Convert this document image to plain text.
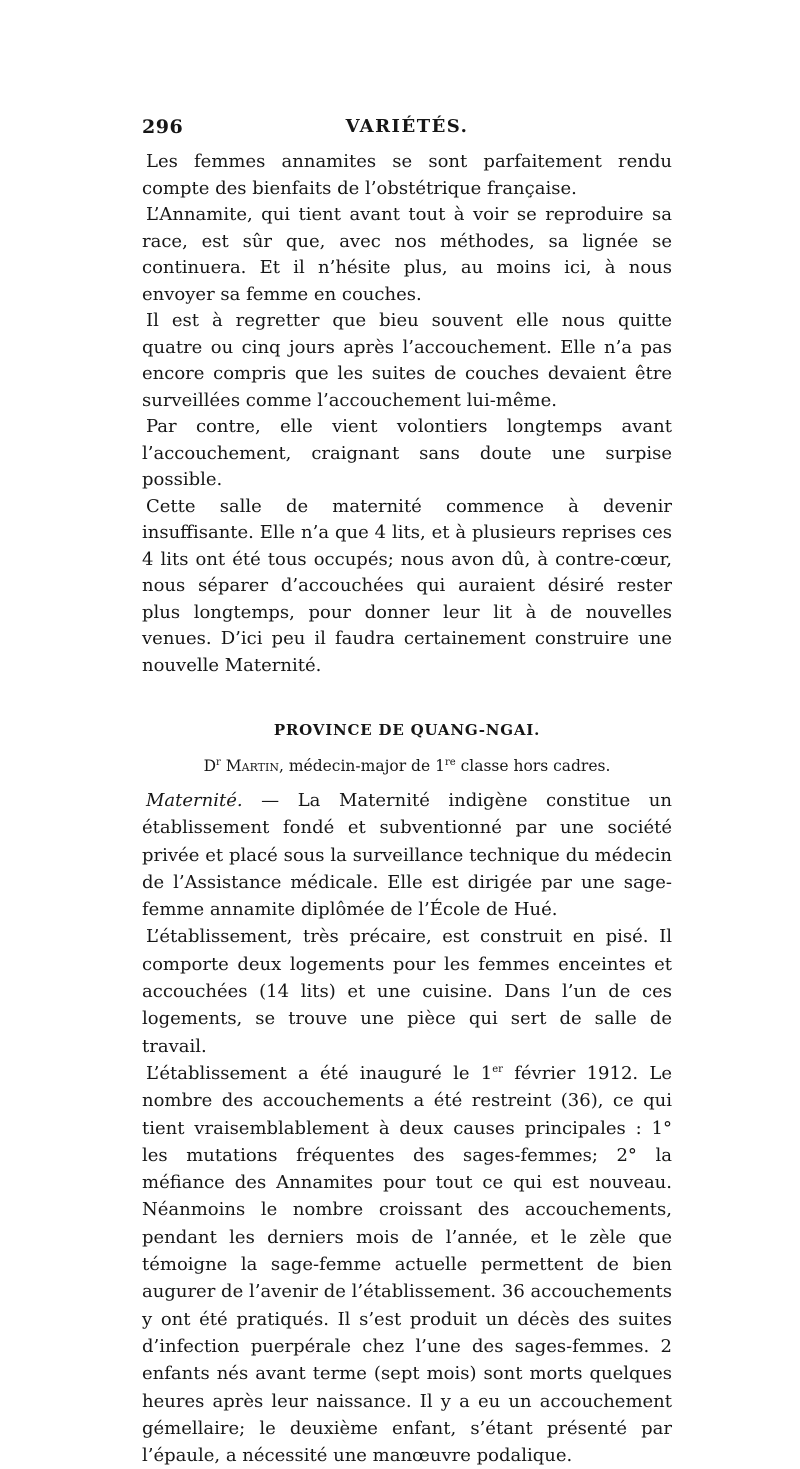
296	VARIÉTÉS.

Les femmes annamites se sont parfaitement rendu compte des bienfaits de l’obstétrique française.

L’Annamite, qui tient avant tout à voir se reproduire sa race, est sûr que, avec nos méthodes, sa lignée se continuera. Et il n’hésite plus, au moins ici, à nous envoyer sa femme en couches.

Il est à regretter que bieu souvent elle nous quitte quatre ou cinq jours après l’accouchement. Elle n’a pas encore compris que les suites de couches devaient être surveillées comme l’accouchement lui-même.

Par contre, elle vient volontiers longtemps avant l’accouchement, craignant sans doute une surpise possible.

Cette salle de maternité commence à devenir insuffisante. Elle n’a que 4 lits, et à plusieurs reprises ces 4 lits ont été tous occupés; nous avon dû, à contre-cœur, nous séparer d’accouchées qui auraient désiré rester plus longtemps, pour donner leur lit à de nouvelles venues. D’ici peu il faudra certainement construire une nouvelle Maternité.

PROVINCE DE QUANG-NGAI.
$D^r$ Martin, médecin-major de 1re classe hors cadres.

Maternité. — La Maternité indigène constitue un établissement fondé et subventionné par une société privée et placé sous la surveillance technique du médecin de l’Assistance médicale. Elle est dirigée par une sage-femme annamite diplômée de l’École de Hué.

L’établissement, très précaire, est construit en pisé. Il comporte deux logements pour les femmes enceintes et accouchées (14 lits) et une cuisine. Dans l’un de ces logements, se trouve une pièce qui sert de salle de travail.

L’établissement a été inauguré le 1er février 1912. Le nombre des accouchements a été restreint (36), ce qui tient vraisemblablement à deux causes principales : 1° les mutations fréquentes des sages-femmes; 2° la méfiance des Annamites pour tout ce qui est nouveau. Néanmoins le nombre croissant des accouchements, pendant les derniers mois de l’année, et le zèle que témoigne la sage-femme actuelle permettent de bien augurer de l’avenir de l’établissement. 36 accouchements y ont été pratiqués. Il s’est produit un décès des suites d’infection puerpérale chez l’une des sages-femmes. 2 enfants nés avant terme (sept mois) sont morts quelques heures après leur naissance. Il y a eu un accouchement gémellaire; le deuxième enfant, s’étant présenté par l’épaule, a nécessité une manœuvre podalique.
